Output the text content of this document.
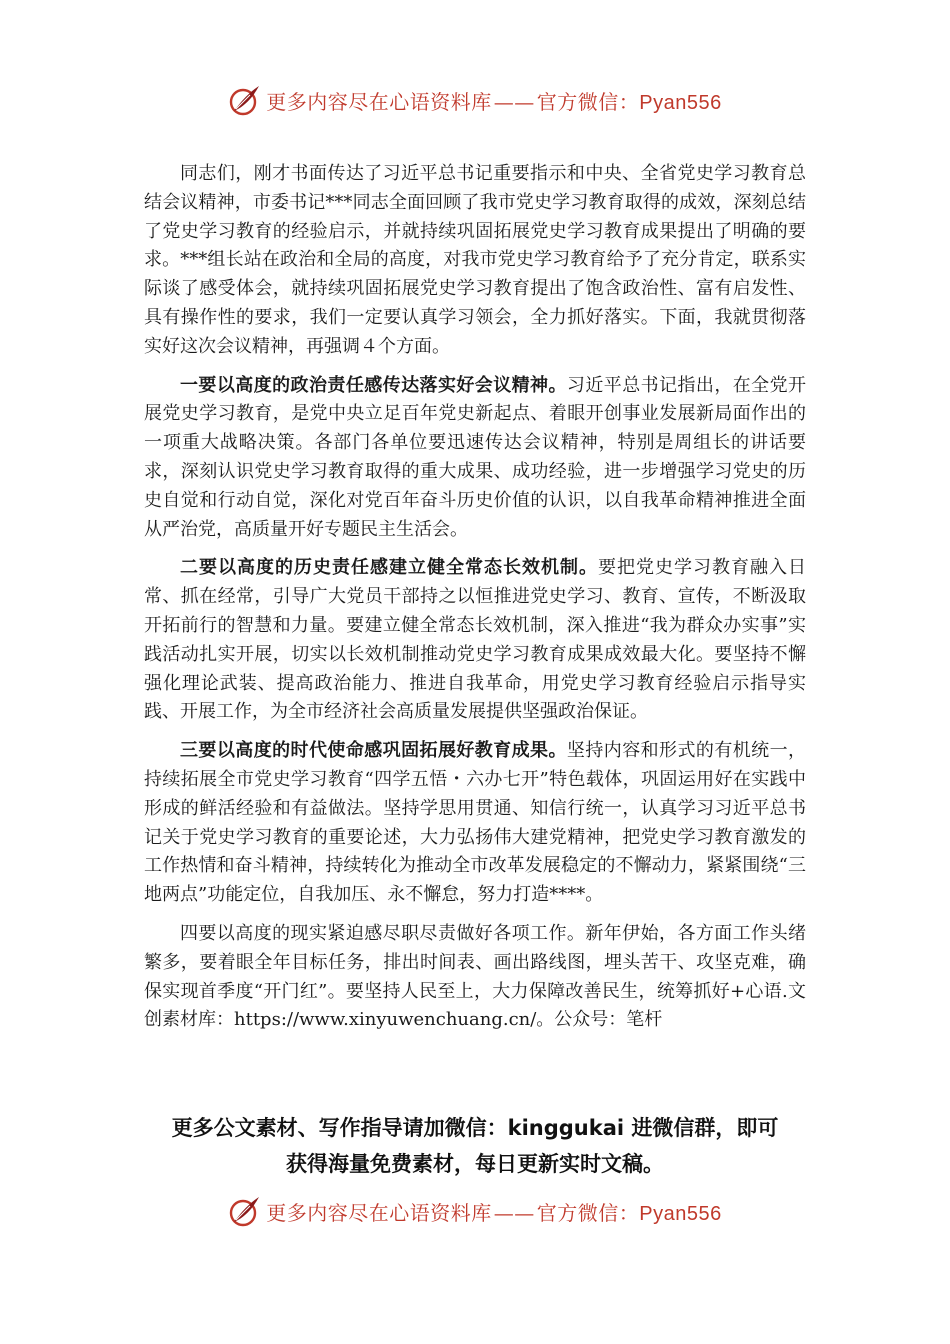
更多内容尽在心语资料库 —— 官方微信：Pyan556

同志们，刚才书面传达了习近平总书记重要指示和中央、全省党史学习教育总结会议精神，市委书记***同志全面回顾了我市党史学习教育取得的成效，深刻总结了党史学习教育的经验启示，并就持续巩固拓展党史学习教育成果提出了明确的要求。***组长站在政治和全局的高度，对我市党史学习教育给予了充分肯定，联系实际谈了感受体会，就持续巩固拓展党史学习教育提出了饱含政治性、富有启发性、具有操作性的要求，我们一定要认真学习领会，全力抓好落实。下面，我就贯彻落实好这次会议精神，再强调４个方面。

一要以高度的政治责任感传达落实好会议精神。习近平总书记指出，在全党开展党史学习教育，是党中央立足百年党史新起点、着眼开创事业发展新局面作出的一项重大战略决策。各部门各单位要迅速传达会议精神，特别是周组长的讲话要求，深刻认识党史学习教育取得的重大成果、成功经验，进一步增强学习党史的历史自觉和行动自觉，深化对党百年奋斗历史价值的认识，以自我革命精神推进全面从严治党，高质量开好专题民主生活会。

二要以高度的历史责任感建立健全常态长效机制。要把党史学习教育融入日常、抓在经常，引导广大党员干部持之以恒推进党史学习、教育、宣传，不断汲取开拓前行的智慧和力量。要建立健全常态长效机制，深入推进“我为群众办实事”实践活动扎实开展，切实以长效机制推动党史学习教育成果成效最大化。要坚持不懈强化理论武装、提高政治能力、推进自我革命，用党史学习教育经验启示指导实践、开展工作，为全市经济社会高质量发展提供坚强政治保证。

三要以高度的时代使命感巩固拓展好教育成果。坚持内容和形式的有机统一，持续拓展全市党史学习教育“四学五悟・六办七开”特色载体，巩固运用好在实践中形成的鲜活经验和有益做法。坚持学思用贯通、知信行统一，认真学习习近平总书记关于党史学习教育的重要论述，大力弘扬伟大建党精神，把党史学习教育激发的工作热情和奋斗精神，持续转化为推动全市改革发展稳定的不懈动力，紧紧围绕“三地两点”功能定位，自我加压、永不懈怠，努力打造****。

四要以高度的现实紧迫感尽职尽责做好各项工作。新年伊始，各方面工作头绪繁多，要着眼全年目标任务，排出时间表、画出路线图，埋头苦干、攻坚克难，确保实现首季度“开门红”。要坚持人民至上，大力保障改善民生，统筹抓好+心语.文创素材库：https://www.xinyuwenchuang.cn/。公众号：笔杆

更多公文素材、写作指导请加微信：kinggukai 进微信群，即可
获得海量免费素材，每日更新实时文稿。
更多内容尽在心语资料库 —— 官方微信：Pyan556
